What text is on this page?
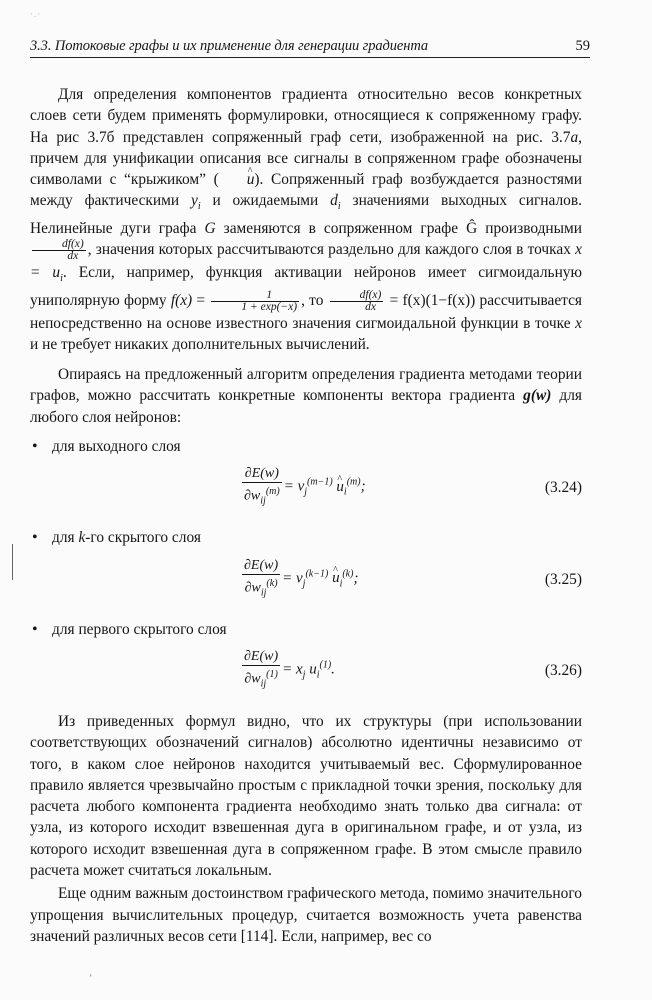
3.3. Потоковые графы и их применение для генерации градиента	59
·.·

Для определения компонентов градиента относительно весов конкретных слоев сети будем применять формулировки, относящиеся к сопряженному графу. На рис 3.7б представлен сопряженный граф сети, изображенной на рис. 3.7а, причем для унификации описания все сигналы в сопряженном графе обозначены символами с “крыжиком” ( ^ u). Сопряженный граф возбуждается разностями между фактическими $y_i$ и ожидаемыми $d_i$ значениями выходных сигналов. Нелинейные дуги графа G заменяются в сопряженном графе Ĝ производными
$\frac{df(x)}{dx}$ , значения которых рассчитываются раздельно для каждого слоя в точках $x = u_i$. Если, например, функция активации нейронов имеет сигмоидальную униполярную форму $f(x) = \frac{1}{1 + \exp(-x)}$ , то $\frac{df(x)}{dx} = f(x)(1-f(x))$ рассчитывается непосредственно на основе известного значения сигмоидальной функции в точке x и не требует никаких дополнительных вычислений.

Опираясь на предложенный алгоритм определения градиента методами теории графов, можно рассчитать конкретные компоненты вектора градиента g(w) для любого слоя нейронов:

• для выходного слоя
$\frac{\partial E(w)}{\partial w_{ij}^{(m)}} = v_j^{(m-1)}$ ^ $u_i^{(m)}$;	(3.24)
• для k-го скрытого слоя
$\frac{\partial E(w)}{\partial w_{ij}^{(k)}} = v_j^{(k-1)}$ ^ $u_i^{(k)}$;	(3.25)
• для первого скрытого слоя
$\frac{\partial E(w)}{\partial w_{ij}^{(1)}} = x_j$ $u_i^{(1)}$.	(3.26)

Из приведенных формул видно, что их структуры (при использовании соответствующих обозначений сигналов) абсолютно идентичны независимо от того, в каком слое нейронов находится учитываемый вес. Сформулированное правило является чрезвычайно простым с прикладной точки зрения, поскольку для расчета любого компонента градиента необходимо знать только два сигнала: от узла, из которого исходит взвешенная дуга в оригинальном графе, и от узла, из которого исходит взвешенная дуга в сопряженном графе. В этом смысле правило расчета может считаться локальным.

Еще одним важным достоинством графического метода, помимо значительного упрощения вычислительных процедур, считается возможность учета равенства значений различных весов сети [114]. Если, например, вес со

'
